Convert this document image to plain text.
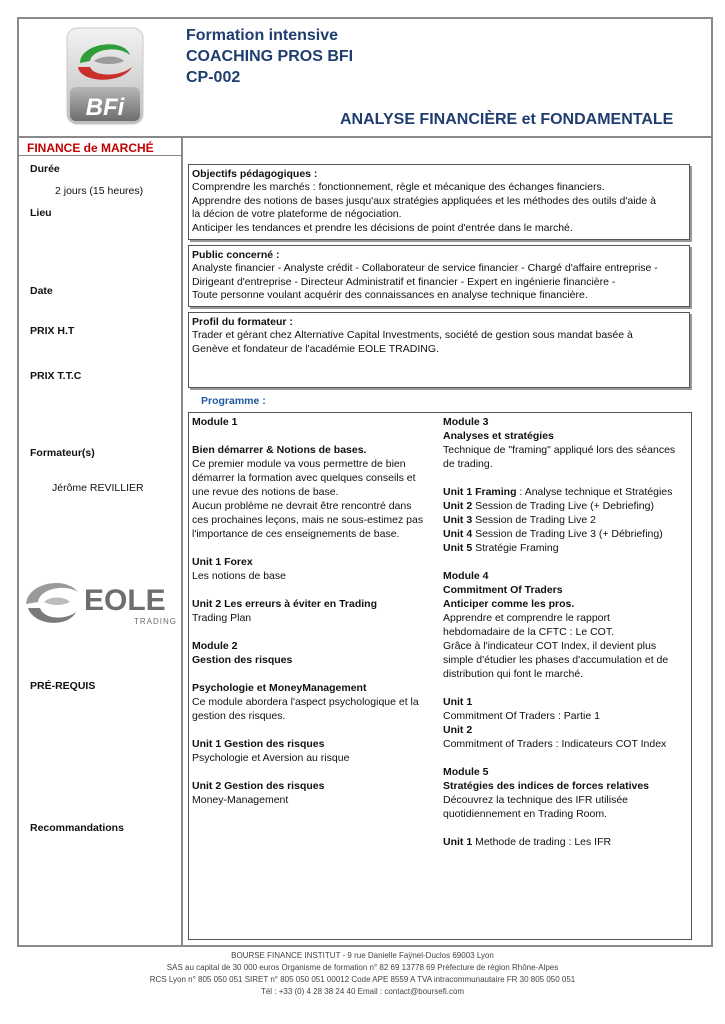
BFi
Formation intensive
COACHING PROS BFI
CP-002
ANALYSE FINANCIÈRE et FONDAMENTALE
FINANCE de MARCHÉ
Durée
2 jours (15 heures)
Lieu
Date
PRIX H.T
PRIX T.T.C
Formateur(s)
Jérôme REVILLIER
EOLE
TRADING
PRÉ-REQUIS
Recommandations
Objectifs pédagogiques :
Comprendre les marchés : fonctionnement, règle et mécanique des échanges financiers.
Apprendre des notions de bases jusqu'aux stratégies appliquées et les méthodes des outils d'aide à
la décion de votre plateforme de négociation.
Anticiper les tendances et prendre les décisions de point d'entrée dans le marché.
Public concerné :
Analyste financier - Analyste crédit - Collaborateur de service financier - Chargé d'affaire entreprise -
Dirigeant d'entreprise - Directeur Administratif et financier - Expert en ingénierie financière -
Toute personne voulant acquérir des connaissances en analyse technique financière.
Profil du formateur :
Trader et gérant chez Alternative Capital Investments, société de gestion sous mandat basée à
Genève et fondateur de l'académie EOLE TRADING.
Programme :

Module 1

Bien démarrer & Notions de bases.

Ce premier module va vous permettre de bien

démarrer la formation avec quelques conseils et

une revue des notions de base.

Aucun problème ne devrait être rencontré dans

ces prochaines leçons, mais ne sous-estimez pas

l'importance de ces enseignements de base.

Unit 1 Forex

Les notions de base

Unit 2 Les erreurs à éviter en Trading

Trading Plan

Module 2

Gestion des risques

Psychologie et MoneyManagement

Ce module abordera l'aspect psychologique et la

gestion des risques.

Unit 1 Gestion des risques

Psychologie et Aversion au risque

Unit 2 Gestion des risques

Money-Management

Module 3

Analyses et stratégies

Technique de "framing" appliqué lors des séances

de trading.

Unit 1 Framing : Analyse technique et Stratégies

Unit 2 Session de Trading Live (+ Debriefing)

Unit 3 Session de Trading Live 2

Unit 4 Session de Trading Live 3 (+ Débriefing)

Unit 5 Stratégie Framing

Module 4

Commitment Of Traders

Anticiper comme les pros.

Apprendre et comprendre le rapport

hebdomadaire de la CFTC : Le COT.

Grâce à l'indicateur COT Index, il devient plus

simple d'étudier les phases d'accumulation et de

distribution qui font le marché.

Unit 1

Commitment Of Traders : Partie 1

Unit 2

Commitment of Traders : Indicateurs COT Index

Module 5

Stratégies des indices de forces relatives

Découvrez la technique des IFR utilisée

quotidiennement en Trading Room.

Unit 1 Methode de trading : Les IFR

BOURSE FINANCE INSTITUT - 9 rue Danielle Faÿnel-Duclos 69003 Lyon
SAS au capital de 30 000 euros Organisme de formation n° 82 69 13778 69 Préfecture de région Rhône-Alpes
RCS Lyon n° 805 050 051 SIRET n° 805 050 051 00012 Code APE 8559 A TVA intracommunautaire FR 30 805 050 051
Tél : +33 (0) 4 28 38 24 40 Email : contact@boursefi.com
